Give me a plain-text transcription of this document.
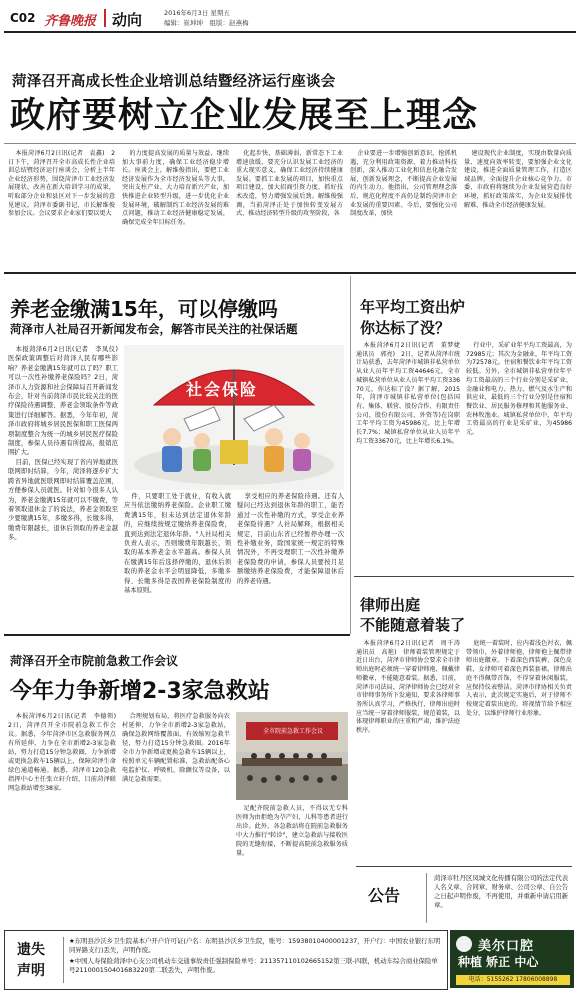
C02 齐鲁晚报 动向	2016年6月3日 星期五
编辑：崔坤坤　组版：赵燕梅
菏泽召开高成长性企业培训总结暨经济运行座谈会
政府要树立企业发展至上理念

本报菏泽6月2日讯(记者　袁鑫)　2日下午，菏泽召开全市高成长性企业培训总结暨经济运行座谈会，分析上半年企业经济形势，围绕菏泽市工业经济发展现状、改善在新大培训学习的成果，听取部分企业和县区对下一步发展的意见建议。菏泽市委副书记、市长解维俊参加会议。会议要求企业家们要以更大

的力度提高发展的质量与效益，继续加大事前力度，确保工业经济稳步增长。座谈会上，解维俊指出，要把工业经济发展作为全市经济发展头等大事，突出支柱产业、大力培育新兴产业，加快推进企业转型升级，进一步优化企业发展环境，破解制约工业经济发展的难点问题，推动工业经济健康稳定发展，确保完成全年目标任务。

化起步快，基础薄弱，新常态下工业增速放缓，要充分认识发展工业经济的重大现实意义，确保工业经济持续健康发展。要抓工业发展的项目，加快重点项目建设，加大招商引资力度，抓好技术改造，努力增强发展后劲。解维俊强调，当前菏泽正处于加快转变发展方式、推动经济转型升级的攻坚阶段，各

企业要进一步增强创新意识，抢抓机遇，充分利用政策资源，着力推动科技创新，深入推动工业化和信息化融合发展，创新发展理念，不断提高企业发展的内生动力。他指出，公司管理理念落后、规范化程度不高仍是制约菏泽市企业发展的重要因素。今后，要强化公司制度改革，加快

建设现代企业制度，实现由数量向质量、速度向效率转变，要加强企业文化建设，推进全面质量管理工作，打造区域品牌，全面提升企业核心竞争力。市委、市政府将继续为企业发展营造良好环境，抓好政策落实，为企业发展排忧解难，推动全市经济健康发展。

养老金缴满15年，可以停缴吗
菏泽市人社局召开新闻发布会，解答市民关注的社保话题

本报菏泽6月2日讯(记者　李凤仪)　医保政策调整后对菏泽人民有哪些影响？养老金缴满15年就可以了吗？职工可以一次性补缴养老保险吗？2日，菏泽市人力资源和社会保障局召开新闻发布会，针对当前菏泽市民比较关注的医疗保险待遇调整、养老金领取条件等政策进行详细解答。据悉，今年年初，菏泽市政府将城乡居民医保和职工医保两项制度整合为统一的城乡居民医疗保险制度，参保人员待遇有所提高，报销范围扩大。

目前，医保已经实现了省内异地就医联网即时结算，今年，菏泽将逐步扩大跨省异地就医联网即时结算覆盖范围，方便参保人员就医。针对如今很多人认为，养老金缴满15年就可以不缴费，等着领取退休金了的说法，养老金领取至少要缴满15年，多缴多得，长缴多得，缴费年限越长，退休后领取的养老金越多。

社会保险

件，只要职工处于就业，有收入就应当依法缴纳养老保险。企业职工缴费满15年，但未达到法定退休年龄的，应继续按规定缴纳养老保险费，直到达到法定退休年龄。"人社局相关负责人表示，否则缴费年限越长，领取的基本养老金水平越高。参保人员在缴满15年后选择停缴的，退休后领取的养老金水平会明显降低，多缴多得、长缴多得是我国养老保险制度的基本原则。

享受相应的养老保险待遇。还有人疑问已经达到退休年龄的职工，能否通过一次性补缴的方式，享受企业养老保险待遇？人社局解释，根据相关规定，目前山东省已经暂停办理一次性补缴业务，除国家统一规定的特殊情况外，不再受理职工一次性补缴养老保险费的申请，参保人员要按月足额缴纳养老保险费，才能保障退休后的养老待遇。

年平均工资出炉
你达标了没？

本报菏泽6月2日讯(记者　董梦婕　通讯员　郭亮)　2日，记者从菏泽市统计局获悉，去年菏泽市城镇非私营单位从业人员年平均工资44646元，全市城镇私营单位从业人员年平均工资33670元，你达标了没？据了解，2015年，菏泽市城镇非私营单位(包括国有、集体、联营、股份合作、有限责任公司、股份有限公司、外资等)在岗职工年平均工资为45986元，比上年增长7.7%；城镇私营单位从业人员年平均工资33670元，比上年增长6.1%。

行业中，采矿业年平均工资最高，为72985元；其次为金融业，年平均工资为72578元。住宿和餐饮业年平均工资较低。另外，全市城镇非私营单位年平均工资最高的三个行业分别是采矿业、金融业和电力、热力、燃气及水生产和供应业，最低的三个行业分别是住宿和餐饮业、居民服务修理和其他服务业、农林牧渔业。城镇私营单位中，年平均工资最高的行业是采矿业，为45986元。

律师出庭
不能随意着装了

本报菏泽6月2日讯(记者　周千涛　通讯员　高艳)　律师着装管理规定于近日出台，菏泽市律师协会要求全市律师出庭时必须统一穿着律师袍、佩戴律师徽章，不能随意着装。据悉，目前，菏泽市司法局、菏泽律师协会已经对全市律师事务所下发通知，要求各律师事务所认真学习，严格执行，律师出庭时应当统一穿着律师服装，规范着装，以体现律师职业的庄重和严肃，维护法庭秩序。

庭统一着装时，应内着浅色衬衣，佩带领巾，外着律师袍，律师袍上佩带律师出庭徽章。下着深色西装裤、深色皮鞋，女律师可着深色西装套裙。律师出庭不得佩带首饰，不得穿着休闲服装，应保持仪表整洁。菏泽市律协相关负责人表示，此次规定实施后，对于律师不按规定着装出庭的，将视情节给予相应处分，以维护律师行业形象。

菏泽召开全市院前急救工作会议
今年力争新增2-3家急救站

本报菏泽6月2日讯(记者　李德领)　2日，菏泽召开全市院前急救工作会议。据悉，今年菏泽市区急救服务网点有所延伸，力争在全市新增2-3家急救站，努力打造15分钟急救圈，力争新增或更换急救车15辆以上，保障菏泽生命绿色通道畅通。据悉，菏泽市120急救指挥中心主任张立轩介绍，目前菏泽联网急救站增至38家。

合理规划布局，将医疗急救服务向农村延伸，力争全市新增2-3家急救站，确保急救网络覆盖面，有效缩短急救半径，努力打造15分钟急救圈。2016年全市力争新增或更换急救车15辆以上，按照单元车辆配置标准，急救站配备心电监护仪、呼吸机、除颤仪等设备，以满足急救需要。

全市院前急救工作会议

足配齐院前急救人员，不得以无专科医师为由拒绝为孕产妇、儿科等患者进行出诊。此外，各急救站将在院前急救服务中大力推行"转诊"，建立急救站与接收医院的无缝衔接，不断提高院前急救服务质量。

公告
菏泽市牡丹区凤城文化传播有限公司的法定代表人名义章、合同章、财务章、公司公章、自公告之日起声明作废，不再使用，并重新申请启用新章。
遗失
声明
★东明县沙沃乡卫生院基本户开户许可证(户名：东明县沙沃乡卫生院，账号：15938010400001237，开户行：中国农业银行东明同昇路支行)丢失，声明作废。
★中国人寿保险菏泽中心支公司机动车交通事故责任强制保险单号：211357110102665152第三联-四联，机动车综合商业保险单号211000150401683220第二联丢失，声明作废。
美尔口腔
种植 矫正 中心
电话：5155262 17806008898
